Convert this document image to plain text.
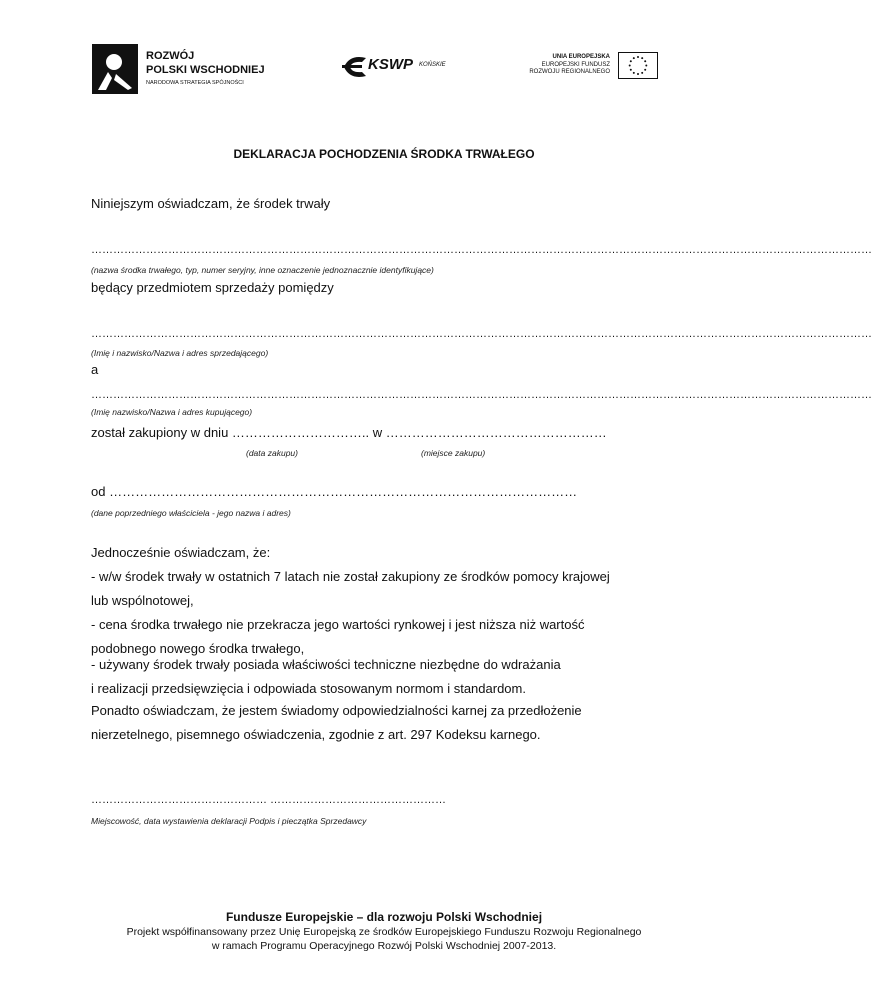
ROZWÓJ
POLSKI WSCHODNIEJ
NARODOWA STRATEGIA SPÓJNOŚCI
KSWP KOŃSKIE
UNIA EUROPEJSKA
EUROPEJSKI FUNDUSZ
ROZWOJU REGIONALNEGO
DEKLARACJA POCHODZENIA ŚRODKA TRWAŁEGO
Niniejszym oświadczam, że środek trwały
……………………………………………………………………………………………………………………………………………………………………………………………
(nazwa środka trwałego, typ, numer seryjny, inne oznaczenie jednoznacznie identyfikujące)
będący przedmiotem sprzedaży pomiędzy
……………………………………………………………………………………………………………………………………………………………………………………………
(Imię i nazwisko/Nazwa i adres sprzedającego)
a
……………………………………………………………………………………………………………………………………………………………………………………………
(Imię nazwisko/Nazwa i adres kupującego)
został zakupiony w dniu ………………………….. w ……………………………………………
(data zakupu)	(miejsce zakupu)
od ………………………………………………………………………………………………
(dane poprzedniego właściciela - jego nazwa i adres)
Jednocześnie oświadczam, że:
- w/w środek trwały w ostatnich 7 latach nie został zakupiony ze środków pomocy krajowej
lub wspólnotowej,
- cena środka trwałego nie przekracza jego wartości rynkowej i jest niższa niż wartość
podobnego nowego środka trwałego,
- używany środek trwały posiada właściwości techniczne niezbędne do wdrażania
i realizacji przedsięwzięcia i odpowiada stosowanym normom i standardom.
Ponadto oświadczam, że jestem świadomy odpowiedzialności karnej za przedłożenie
nierzetelnego, pisemnego oświadczenia, zgodnie z art. 297 Kodeksu karnego.
………………………………………… …………………………………………
Miejscowość, data wystawienia deklaracji Podpis i pieczątka Sprzedawcy
Fundusze Europejskie – dla rozwoju Polski Wschodniej
Projekt współfinansowany przez Unię Europejską ze środków Europejskiego Funduszu Rozwoju Regionalnego
w ramach Programu Operacyjnego Rozwój Polski Wschodniej 2007-2013.
